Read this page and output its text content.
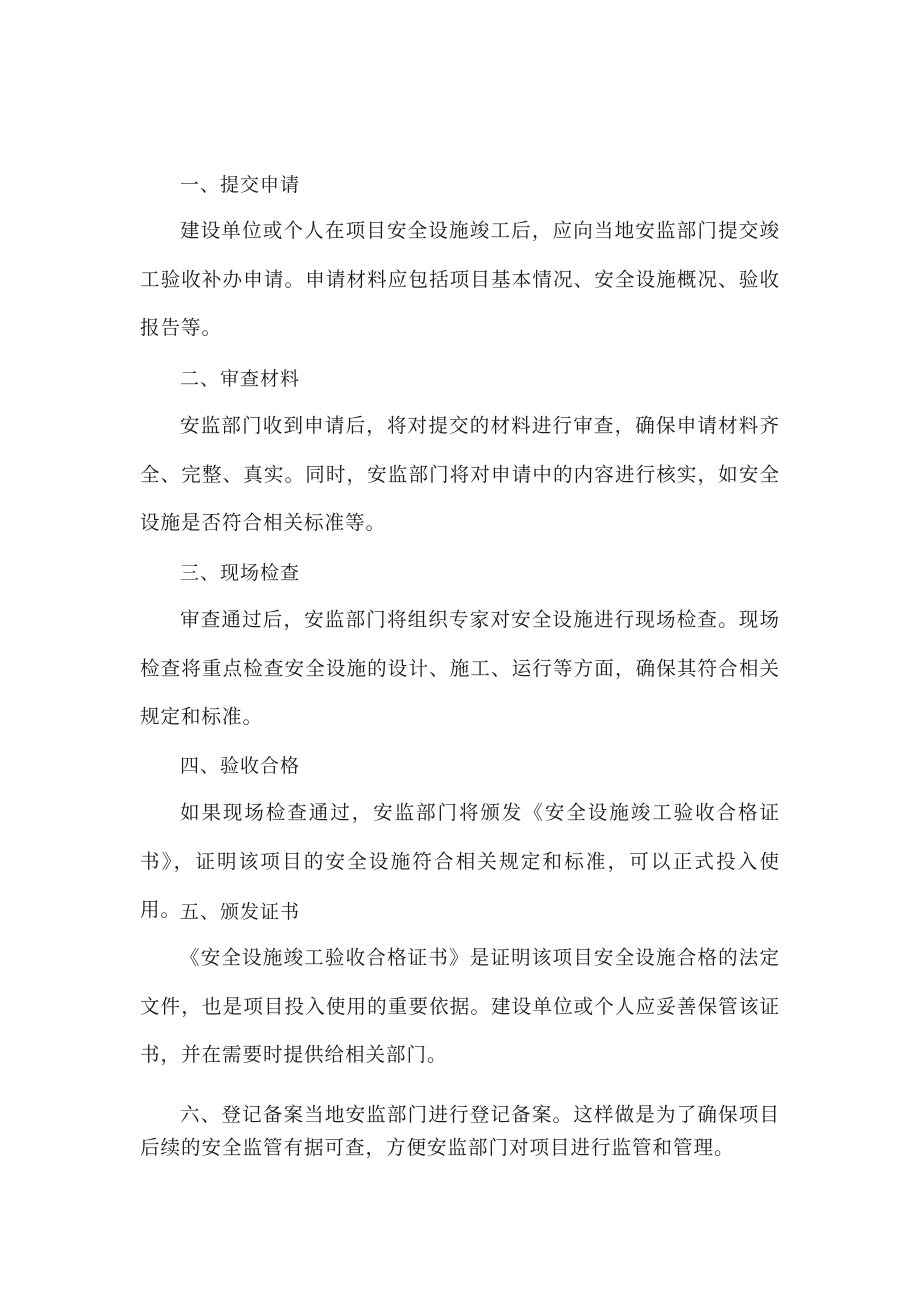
一、提交申请
建设单位或个人在项目安全设施竣工后，应向当地安监部门提交竣工验收补办申请。申请材料应包括项目基本情况、安全设施概况、验收报告等。
二、审查材料
安监部门收到申请后，将对提交的材料进行审查，确保申请材料齐全、完整、真实。同时，安监部门将对申请中的内容进行核实，如安全设施是否符合相关标准等。
三、现场检查
审查通过后，安监部门将组织专家对安全设施进行现场检查。现场检查将重点检查安全设施的设计、施工、运行等方面，确保其符合相关规定和标准。
四、验收合格
如果现场检查通过，安监部门将颁发《安全设施竣工验收合格证书》，证明该项目的安全设施符合相关规定和标准，可以正式投入使用。
五、颁发证书
《安全设施竣工验收合格证书》是证明该项目安全设施合格的法定文件，也是项目投入使用的重要依据。建设单位或个人应妥善保管该证书，并在需要时提供给相关部门。
六、登记备案当地安监部门进行登记备案。这样做是为了确保项目后续的安全监管有据可查，方便安监部门对项目进行监管和管理。
